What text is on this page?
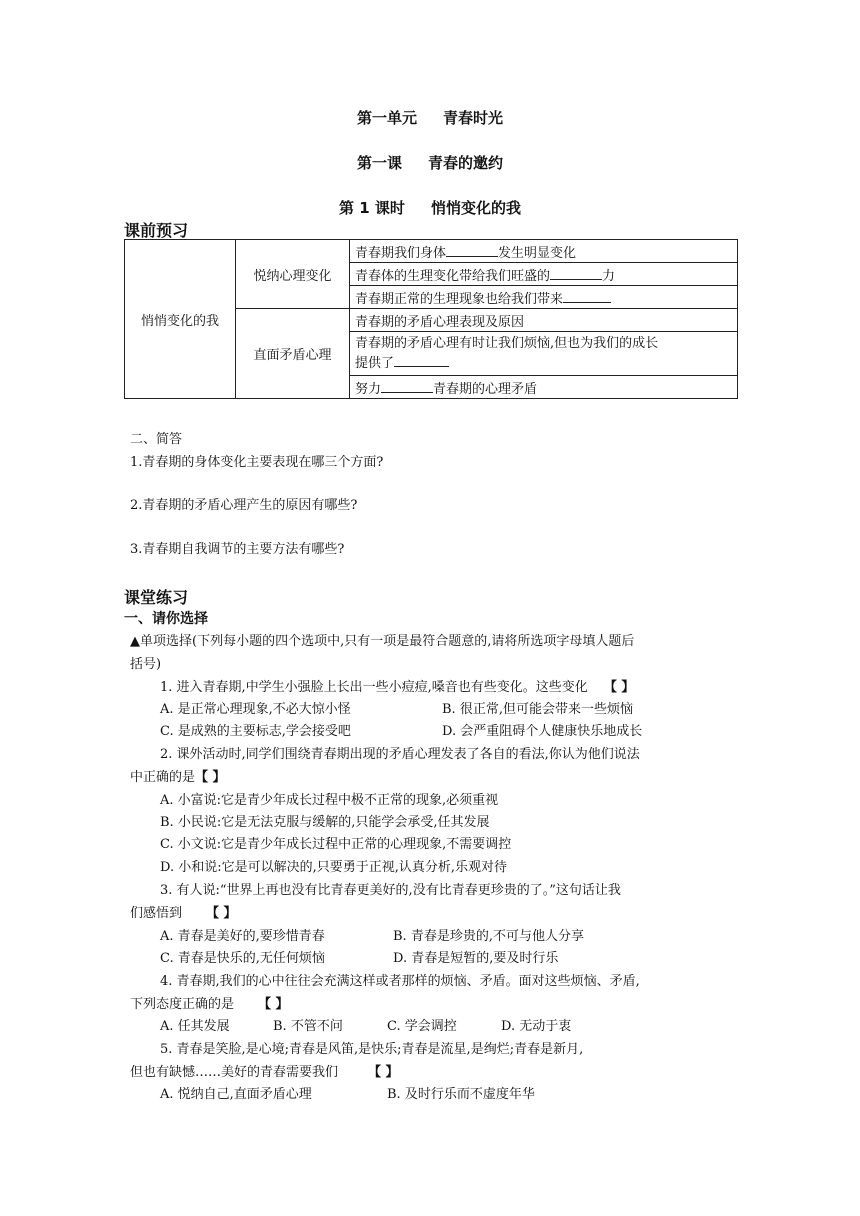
第一单元 青春时光
第一课 青春的邀约
第 1 课时 悄悄变化的我
课前预习
悄悄变化的我	悦纳心理变化	青春期我们身体 发生明显变化
		青春体的生理变化带给我们旺盛的 力
		青春期正常的生理现象也给我们带来
	直面矛盾心理	青春期的矛盾心理表现及原因
		青春期的矛盾心理有时让我们烦恼,但也为我们的成长
提供了
		努力 青春期的心理矛盾
二、简答
1.青春期的身体变化主要表现在哪三个方面?
2.青春期的矛盾心理产生的原因有哪些?
3.青春期自我调节的主要方法有哪些?
课堂练习
一、请你选择
▲单项选择(下列每小题的四个选项中,只有一项是最符合题意的,请将所选项字母填人题后
括号)
1. 进入青春期,中学生小强脸上长出一些小痘痘,嗓音也有些变化。这些变化 【 】
A. 是正常心理现象,不必大惊小怪	B. 很正常,但可能会带来一些烦恼
C. 是成熟的主要标志,学会接受吧	D. 会严重阻碍个人健康快乐地成长
2. 课外活动时,同学们围绕青春期出现的矛盾心理发表了各自的看法,你认为他们说法
中正确的是【 】
A. 小富说:它是青少年成长过程中极不正常的现象,必须重视
B. 小民说:它是无法克服与缓解的,只能学会承受,任其发展
C. 小文说:它是青少年成长过程中正常的心理现象,不需要调控
D. 小和说:它是可以解决的,只要勇于正视,认真分析,乐观对待
3. 有人说:“世界上再也没有比青春更美好的,没有比青春更珍贵的了。”这句话让我
们感悟到 【 】
A. 青春是美好的,要珍惜青春	B. 青春是珍贵的,不可与他人分享
C. 青春是快乐的,无任何烦恼	D. 青春是短暂的,要及时行乐
4. 青春期,我们的心中往往会充满这样或者那样的烦恼、矛盾。面对这些烦恼、矛盾,
下列态度正确的是 【 】
A. 任其发展	B. 不管不问	C. 学会调控	D. 无动于衷
5. 青春是笑脸,是心境;青春是风笛,是快乐;青春是流星,是绚烂;青春是新月,
但也有缺憾……美好的青春需要我们 【 】
A. 悦纳自己,直面矛盾心理	B. 及时行乐而不虚度年华
